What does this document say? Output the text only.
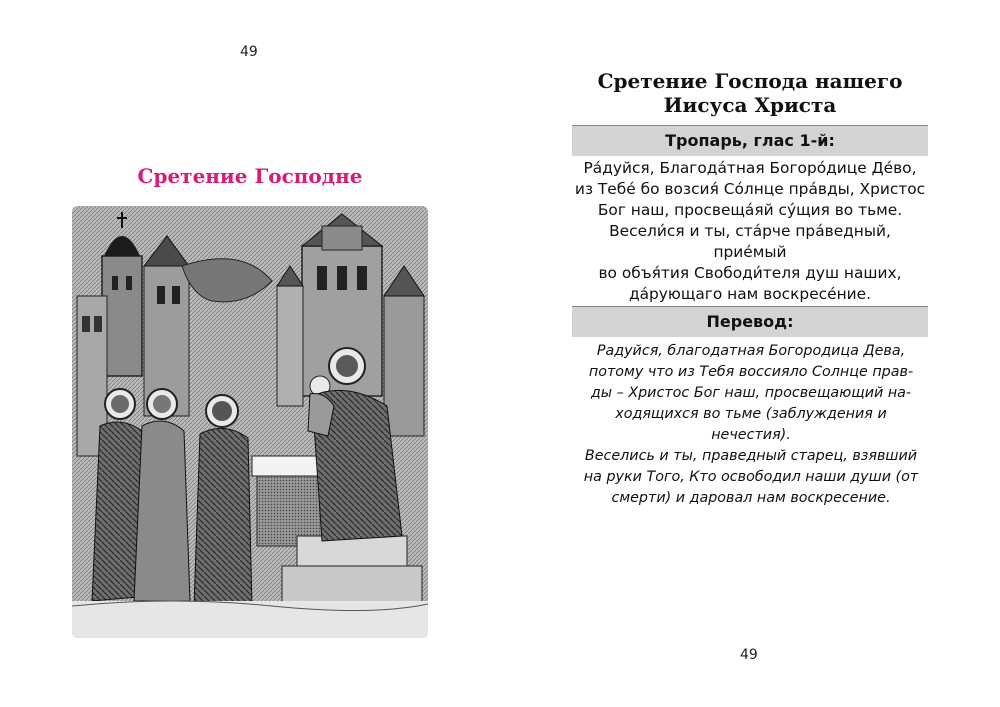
49
Сретение Господне
Сретение Господа нашего
Иисуса Христа
Тропарь, глас 1-й:
Ра́дуйся, Благода́тная Богоро́дице Де́во,
из Тебе́ бо возсия́ Со́лнце пра́вды, Христос
Бог наш, просвеща́яй су́щия во тьме.
Весели́ся и ты, ста́рче пра́ведный, прие́мый
во объя́тия Свободи́теля душ наших,
да́рующаго нам воскресе́ние.
Перевод:
Радуйся, благодатная Богородица Дева,
потому что из Тебя воссияло Солнце прав-
ды – Христос Бог наш, просвещающий на-
ходящихся во тьме (заблуждения и нечестия).
Веселись и ты, праведный старец, взявший
на руки Того, Кто освободил наши души (от
смерти) и даровал нам воскресение.
49
